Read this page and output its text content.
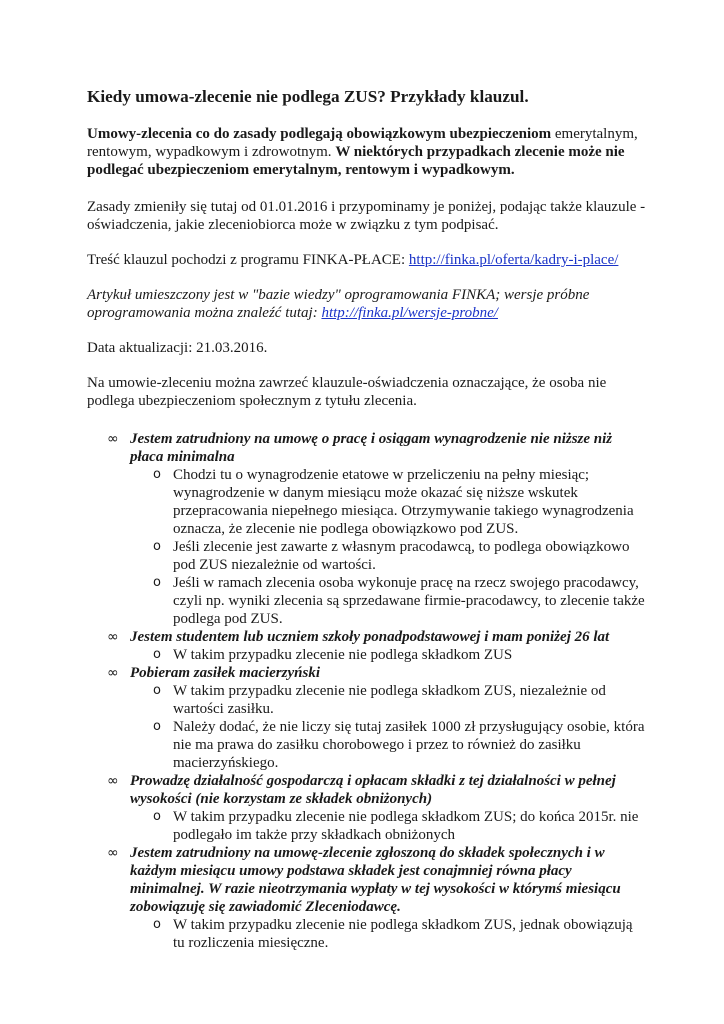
Kiedy umowa-zlecenie nie podlega ZUS? Przykłady klauzul.

Umowy-zlecenia co do zasady podlegają obowiązkowym ubezpieczeniom emerytalnym, rentowym, wypadkowym i zdrowotnym. W niektórych przypadkach zlecenie może nie podlegać ubezpieczeniom emerytalnym, rentowym i wypadkowym.

Zasady zmieniły się tutaj od 01.01.2016 i przypominamy je poniżej, podając także klauzule - oświadczenia, jakie zleceniobiorca może w związku z tym podpisać.

Treść klauzul pochodzi z programu FINKA-PŁACE: http://finka.pl/oferta/kadry-i-place/

Artykuł umieszczony jest w "bazie wiedzy" oprogramowania FINKA; wersje próbne oprogramowania można znaleźć tutaj: http://finka.pl/wersje-probne/

Data aktualizacji: 21.03.2016.

Na umowie-zleceniu można zawrzeć klauzule-oświadczenia oznaczające, że osoba nie podlega ubezpieczeniom społecznym z tytułu zlecenia.

∞ Jestem zatrudniony na umowę o pracę i osiągam wynagrodzenie nie niższe niż płaca minimalna
o Chodzi tu o wynagrodzenie etatowe w przeliczeniu na pełny miesiąc; wynagrodzenie w danym miesiącu może okazać się niższe wskutek przepracowania niepełnego miesiąca. Otrzymywanie takiego wynagrodzenia oznacza, że zlecenie nie podlega obowiązkowo pod ZUS.
o Jeśli zlecenie jest zawarte z własnym pracodawcą, to podlega obowiązkowo pod ZUS niezależnie od wartości.
o Jeśli w ramach zlecenia osoba wykonuje pracę na rzecz swojego pracodawcy, czyli np. wyniki zlecenia są sprzedawane firmie-pracodawcy, to zlecenie także podlega pod ZUS.
∞ Jestem studentem lub uczniem szkoły ponadpodstawowej i mam poniżej 26 lat
o W takim przypadku zlecenie nie podlega składkom ZUS
∞ Pobieram zasiłek macierzyński
o W takim przypadku zlecenie nie podlega składkom ZUS, niezależnie od wartości zasiłku.
o Należy dodać, że nie liczy się tutaj zasiłek 1000 zł przysługujący osobie, która nie ma prawa do zasiłku chorobowego i przez to również do zasiłku macierzyńskiego.
∞ Prowadzę działalność gospodarczą i opłacam składki z tej działalności w pełnej wysokości (nie korzystam ze składek obniżonych)
o W takim przypadku zlecenie nie podlega składkom ZUS; do końca 2015r. nie podlegało im także przy składkach obniżonych
∞ Jestem zatrudniony na umowę-zlecenie zgłoszoną do składek społecznych i w każdym miesiącu umowy podstawa składek jest conajmniej równa płacy minimalnej. W razie nieotrzymania wypłaty w tej wysokości w którymś miesiącu zobowiązuję się zawiadomić Zleceniodawcę.
o W takim przypadku zlecenie nie podlega składkom ZUS, jednak obowiązują tu rozliczenia miesięczne.
